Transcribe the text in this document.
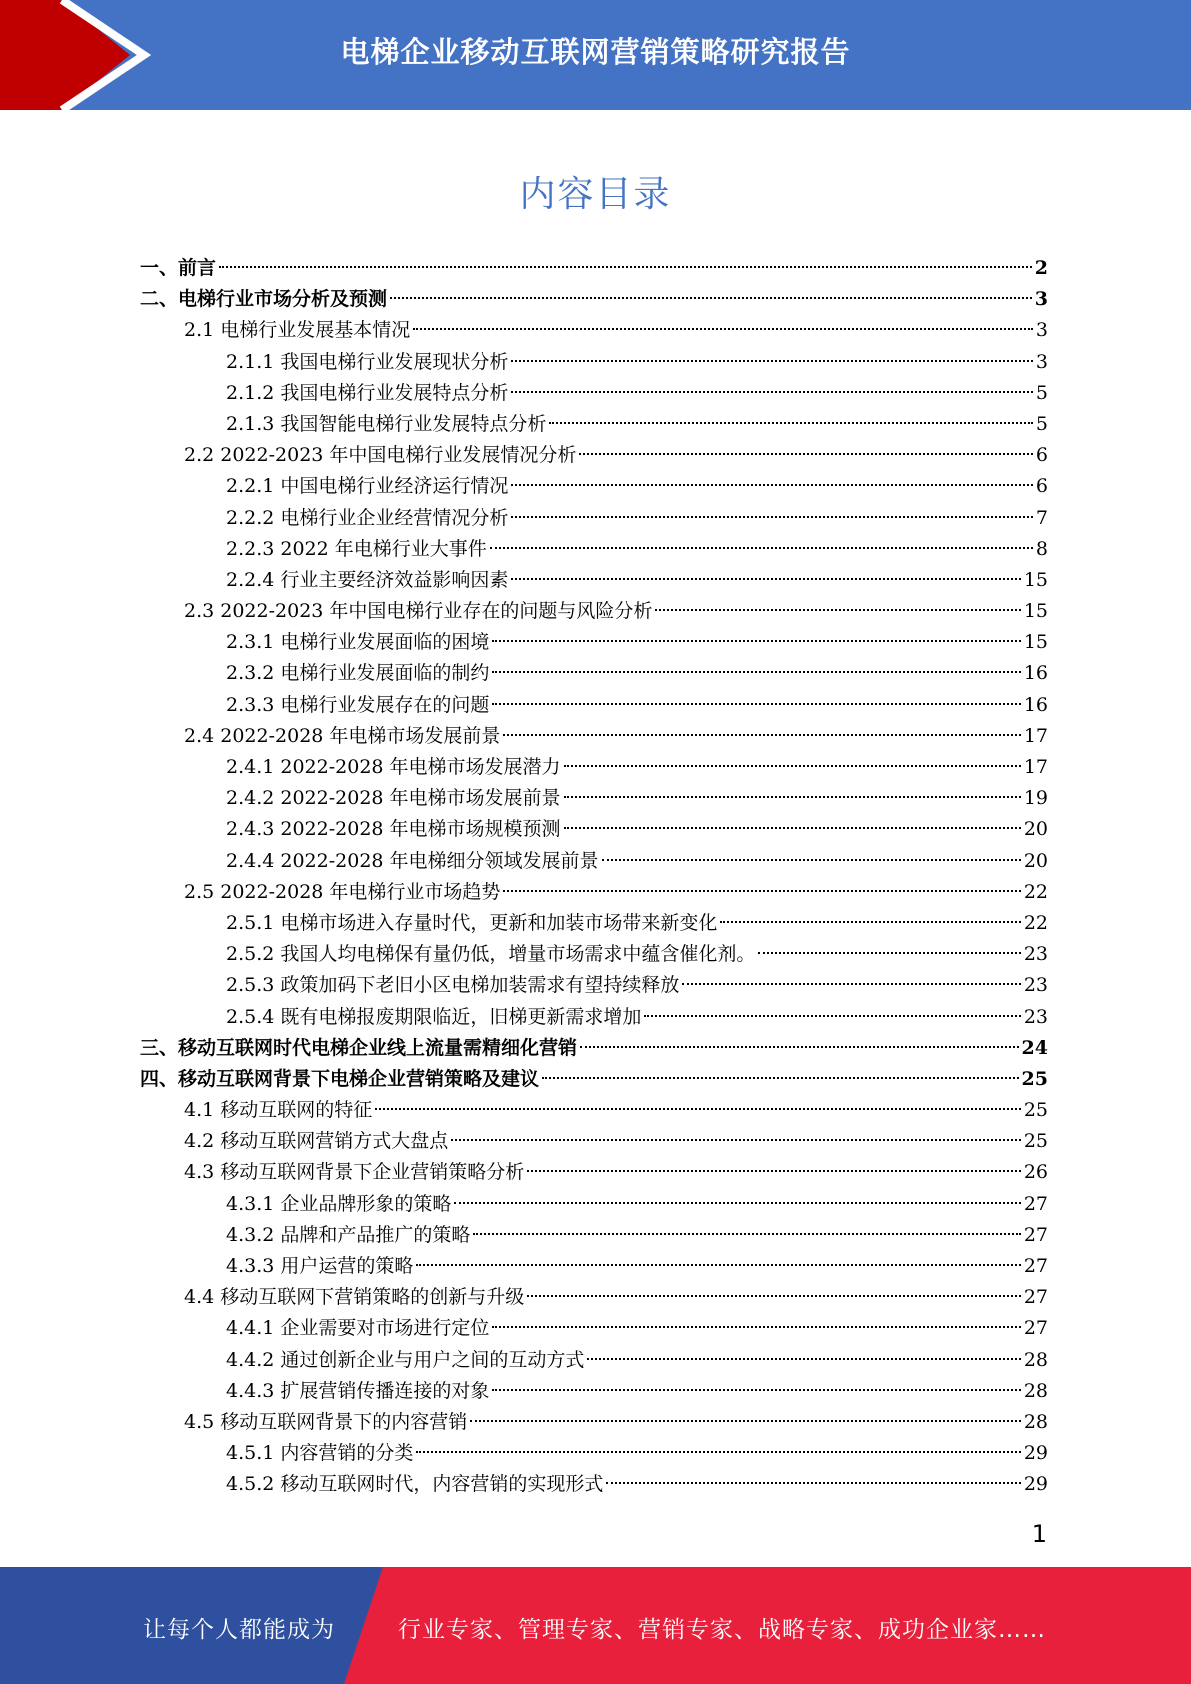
电梯企业移动互联网营销策略研究报告
内容目录
一、前言	2
二、电梯行业市场分析及预测	3
2.1 电梯行业发展基本情况	3
2.1.1 我国电梯行业发展现状分析	3
2.1.2 我国电梯行业发展特点分析	5
2.1.3 我国智能电梯行业发展特点分析	5
2.2 2022-2023 年中国电梯行业发展情况分析	6
2.2.1 中国电梯行业经济运行情况	6
2.2.2 电梯行业企业经营情况分析	7
2.2.3 2022 年电梯行业大事件	8
2.2.4 行业主要经济效益影响因素	15
2.3 2022-2023 年中国电梯行业存在的问题与风险分析	15
2.3.1 电梯行业发展面临的困境	15
2.3.2 电梯行业发展面临的制约	16
2.3.3 电梯行业发展存在的问题	16
2.4 2022-2028 年电梯市场发展前景	17
2.4.1 2022-2028 年电梯市场发展潜力	17
2.4.2 2022-2028 年电梯市场发展前景	19
2.4.3 2022-2028 年电梯市场规模预测	20
2.4.4 2022-2028 年电梯细分领域发展前景	20
2.5 2022-2028 年电梯行业市场趋势	22
2.5.1 电梯市场进入存量时代，更新和加装市场带来新变化	22
2.5.2 我国人均电梯保有量仍低，增量市场需求中蕴含催化剂。	23
2.5.3 政策加码下老旧小区电梯加装需求有望持续释放	23
2.5.4 既有电梯报废期限临近，旧梯更新需求增加	23
三、移动互联网时代电梯企业线上流量需精细化营销	24
四、移动互联网背景下电梯企业营销策略及建议	25
4.1 移动互联网的特征	25
4.2 移动互联网营销方式大盘点	25
4.3 移动互联网背景下企业营销策略分析	26
4.3.1 企业品牌形象的策略	27
4.3.2 品牌和产品推广的策略	27
4.3.3 用户运营的策略	27
4.4 移动互联网下营销策略的创新与升级	27
4.4.1 企业需要对市场进行定位	27
4.4.2 通过创新企业与用户之间的互动方式	28
4.4.3 扩展营销传播连接的对象	28
4.5 移动互联网背景下的内容营销	28
4.5.1 内容营销的分类	29
4.5.2 移动互联网时代，内容营销的实现形式	29
1
让每个人都能成为	行业专家、管理专家、营销专家、战略专家、成功企业家……
